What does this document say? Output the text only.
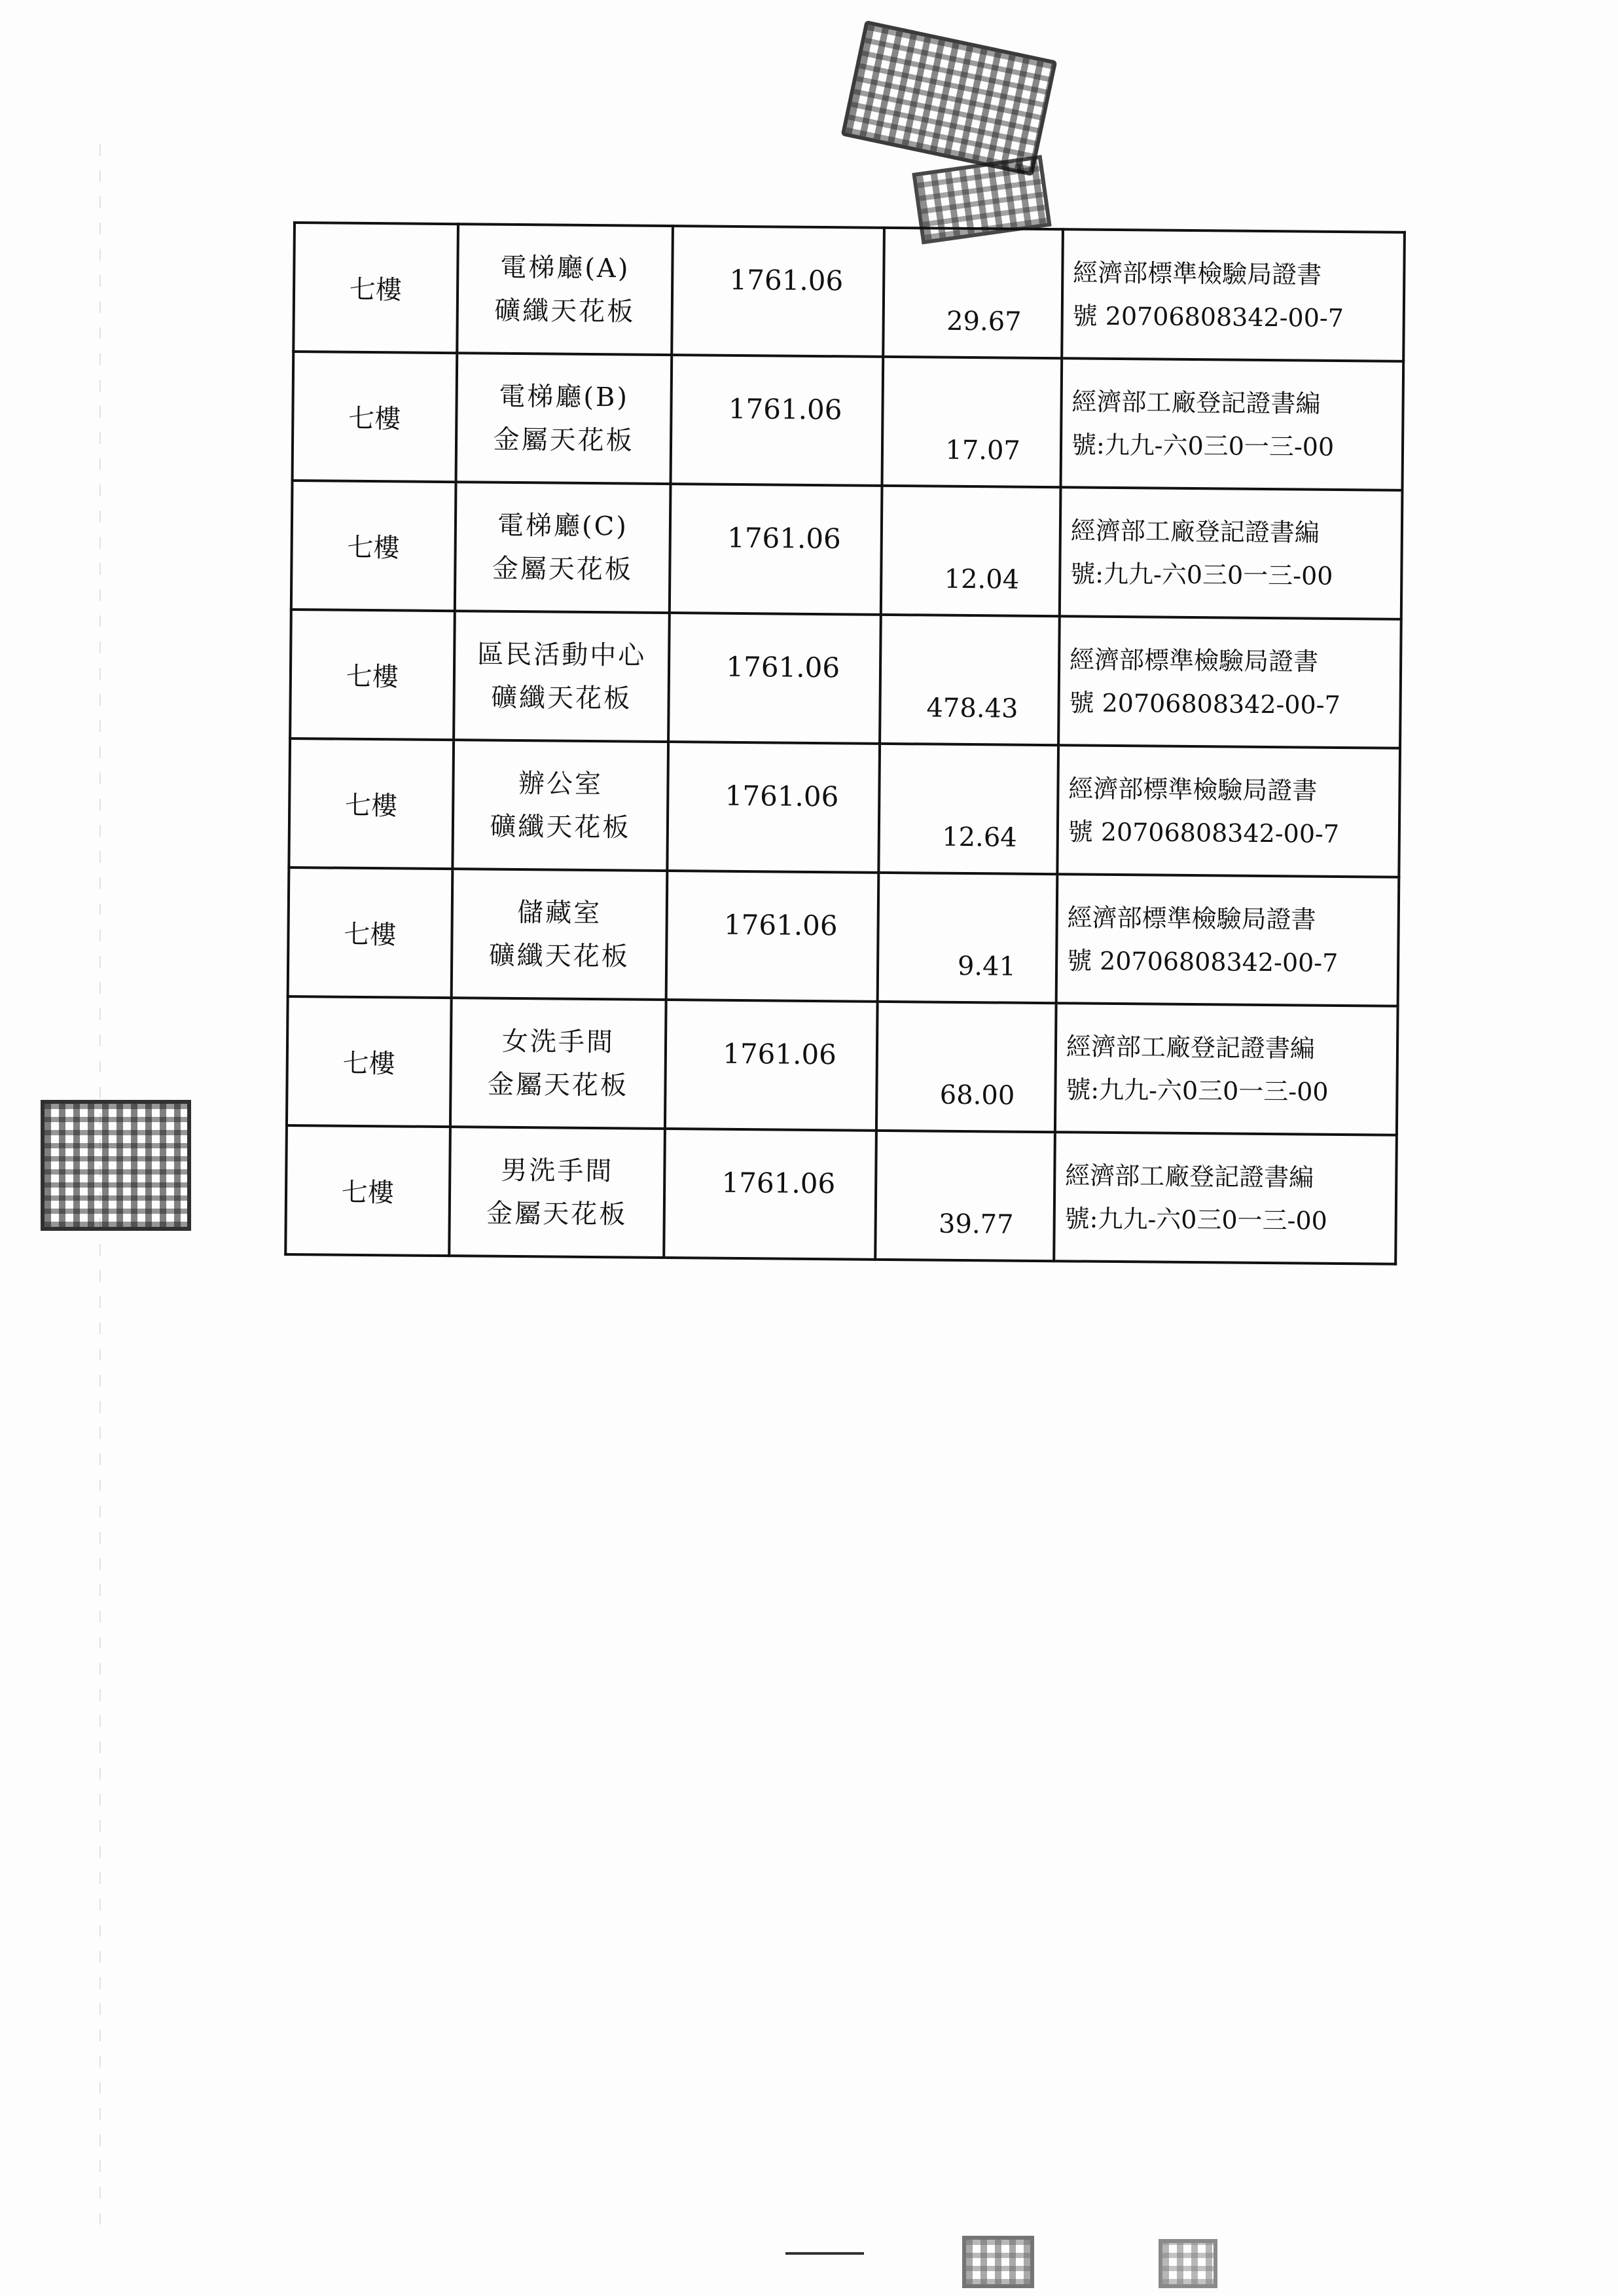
七樓	電梯廳(A)
礦纖天花板	1761.06	29.67	經濟部標準檢驗局證書
號 20706808342-00-7

七樓	電梯廳(B)
金屬天花板	1761.06	17.07	經濟部工廠登記證書編
號:九九-六0三0一三-00

七樓	電梯廳(C)
金屬天花板	1761.06	12.04	經濟部工廠登記證書編
號:九九-六0三0一三-00

七樓	區民活動中心
礦纖天花板	1761.06	478.43	經濟部標準檢驗局證書
號 20706808342-00-7

七樓	辦公室
礦纖天花板	1761.06	12.64	經濟部標準檢驗局證書
號 20706808342-00-7

七樓	儲藏室
礦纖天花板	1761.06	9.41	經濟部標準檢驗局證書
號 20706808342-00-7

七樓	女洗手間
金屬天花板	1761.06	68.00	經濟部工廠登記證書編
號:九九-六0三0一三-00

七樓	男洗手間
金屬天花板	1761.06	39.77	經濟部工廠登記證書編
號:九九-六0三0一三-00
